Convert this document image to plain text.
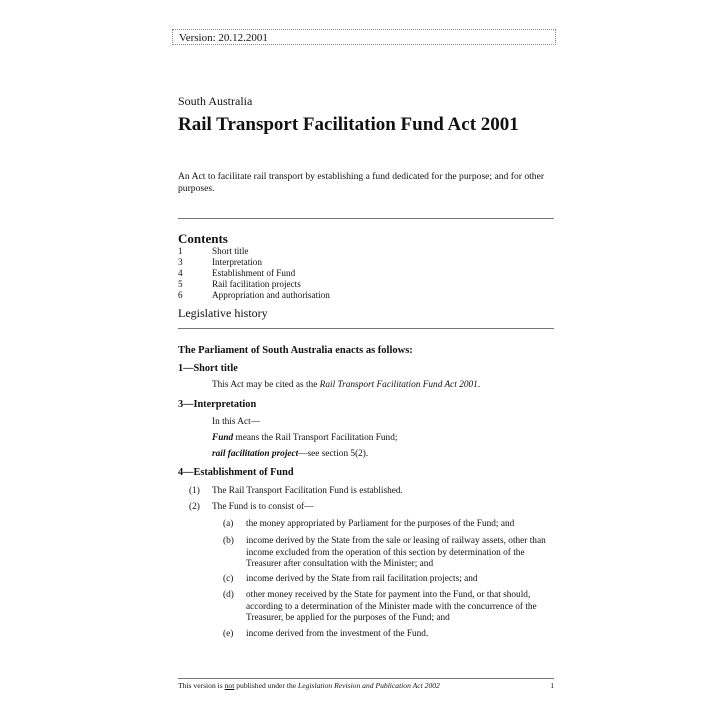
Version: 20.12.2001
South Australia
Rail Transport Facilitation Fund Act 2001
An Act to facilitate rail transport by establishing a fund dedicated for the purpose; and for other purposes.
Contents
1	Short title
3	Interpretation
4	Establishment of Fund
5	Rail facilitation projects
6	Appropriation and authorisation
Legislative history
The Parliament of South Australia enacts as follows:
1—Short title
This Act may be cited as the Rail Transport Facilitation Fund Act 2001.
3—Interpretation
In this Act—
Fund means the Rail Transport Facilitation Fund;
rail facilitation project—see section 5(2).
4—Establishment of Fund
(1)	The Rail Transport Facilitation Fund is established.
(2)	The Fund is to consist of—
(a)	the money appropriated by Parliament for the purposes of the Fund; and
(b)	income derived by the State from the sale or leasing of railway assets, other than income excluded from the operation of this section by determination of the Treasurer after consultation with the Minister; and
(c)	income derived by the State from rail facilitation projects; and
(d)	other money received by the State for payment into the Fund, or that should, according to a determination of the Minister made with the concurrence of the Treasurer, be applied for the purposes of the Fund; and
(e)	income derived from the investment of the Fund.
This version is not published under the Legislation Revision and Publication Act 2002	1
